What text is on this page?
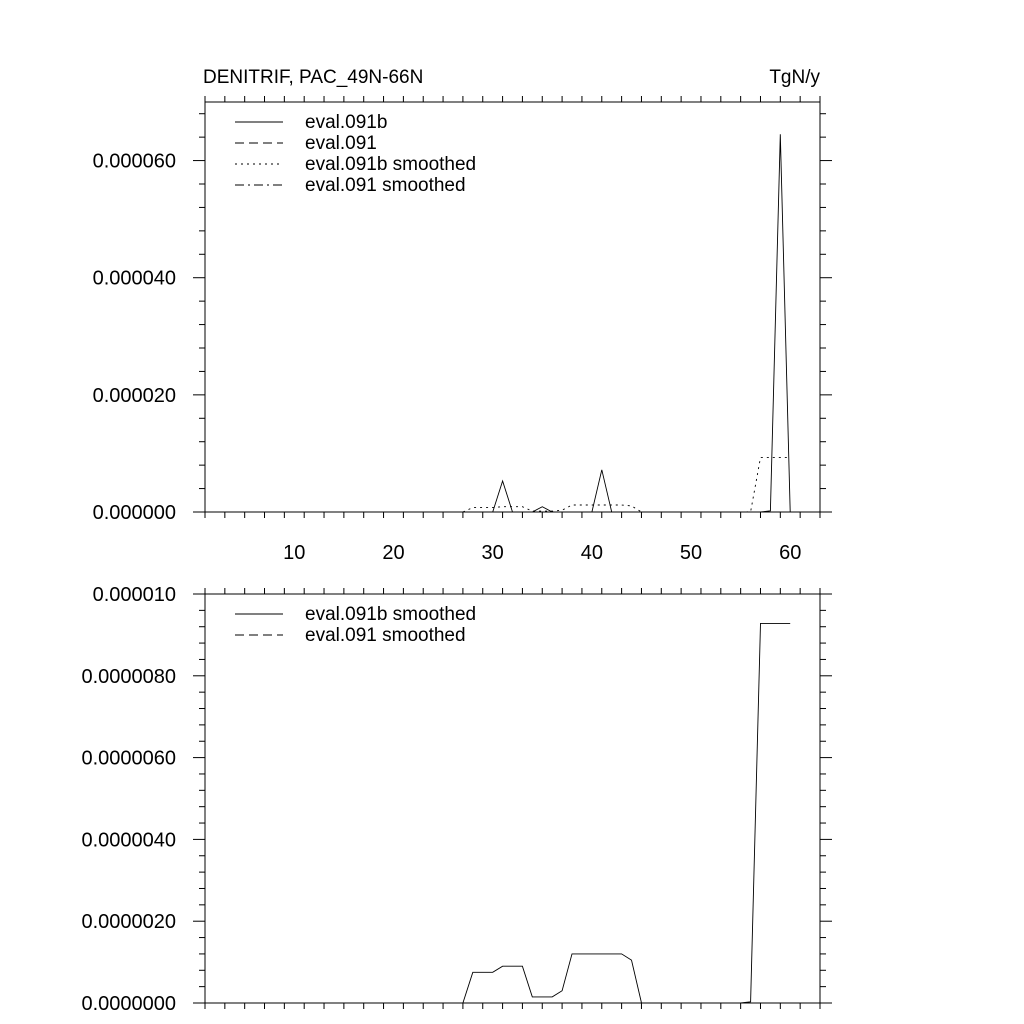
10	20	30	40	50	60
0.000000
0.000020
0.000040
0.000060
DENITRIF, PAC_49N-66N	TgN/y
eval.091b
eval.091
eval.091b smoothed
eval.091 smoothed
0.0000000
0.0000020
0.0000040
0.0000060
0.0000080
0.000010
eval.091b smoothed
eval.091 smoothed
